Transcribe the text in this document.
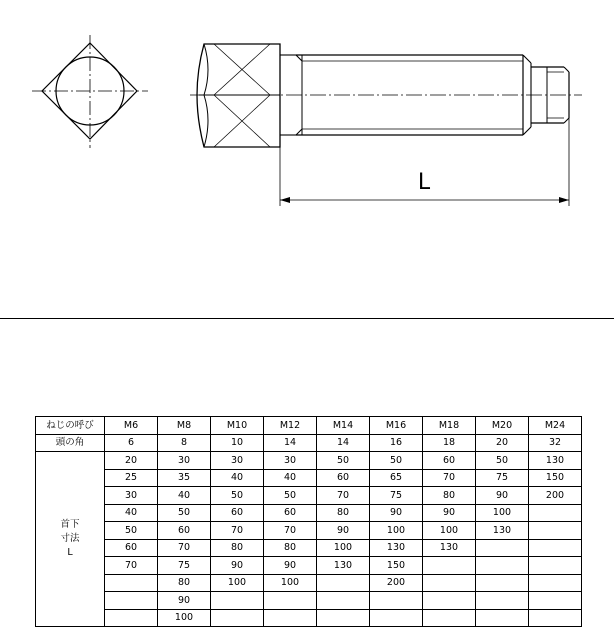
L
ねじの呼び	M6	M8	M10	M12	M14	M16	M18	M20	M24
頭の角	6	8	10	14	14	16	18	20	32

首下
寸法
L	20	30	30	30	50	50	60	50	130
	25	35	40	40	60	65	70	75	150
	30	40	50	50	70	75	80	90	200
	40	50	60	60	80	90	90	100	
	50	60	70	70	90	100	100	130	
	60	70	80	80	100	130	130		
	70	75	90	90	130	150			
		80	100	100		200			
		90							
		100							
